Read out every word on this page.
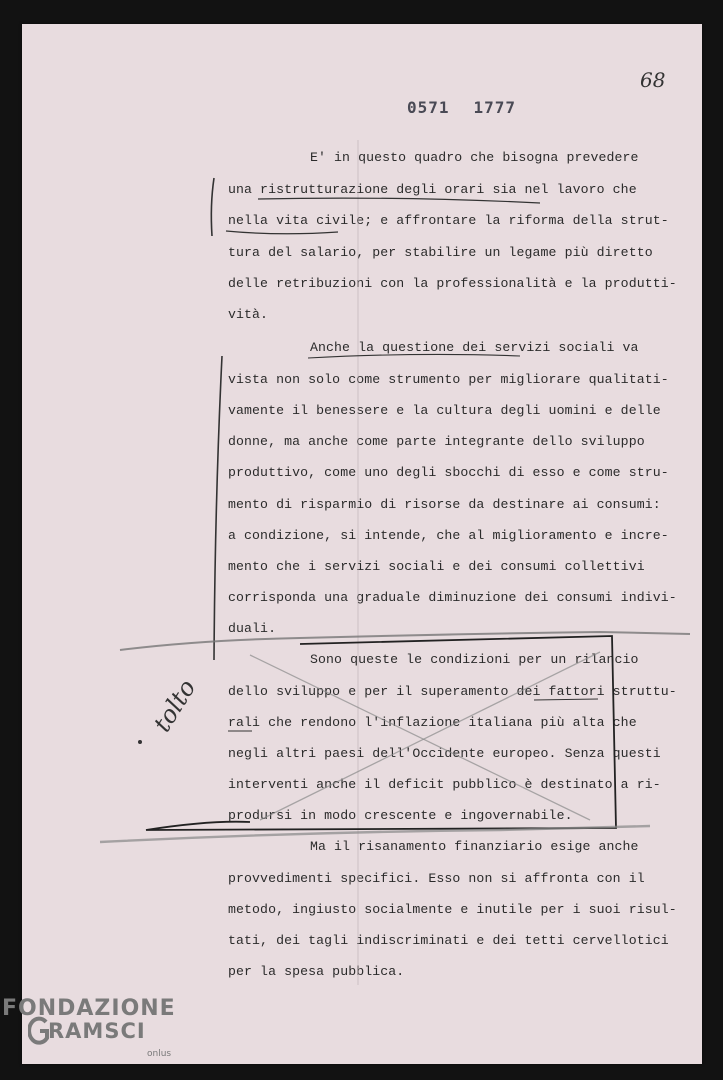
0571 1777
68
E' in questo quadro che bisogna prevedere
una ristrutturazione degli orari sia nel lavoro che
nella vita civile; e affrontare la riforma della strut-
tura del salario, per stabilire un legame più diretto
delle retribuzioni con la professionalità e la produtti-
vità.
Anche la questione dei servizi sociali va
vista non solo come strumento per migliorare qualitati-
vamente il benessere e la cultura degli uomini e delle
donne, ma anche come parte integrante dello sviluppo
produttivo, come uno degli sbocchi di esso e come stru-
mento di risparmio di risorse da destinare ai consumi:
a condizione, si intende, che al miglioramento e incre-
mento che i servizi sociali e dei consumi collettivi
corrisponda una graduale diminuzione dei consumi indivi-
duali.
Sono queste le condizioni per un rilancio
dello sviluppo e per il superamento dei fattori struttu-
rali che rendono l'inflazione italiana più alta che
negli altri paesi dell'Occidente europeo. Senza questi
interventi anche il deficit pubblico è destinato a ri-
prodursi in modo crescente e ingovernabile.
Ma il risanamento finanziario esige anche
provvedimenti specifici. Esso non si affronta con il
metodo, ingiusto socialmente e inutile per i suoi risul-
tati, dei tagli indiscriminati e dei tetti cervellotici
per la spesa pubblica.
tolto
FONDAZIONE
RAMSCI
onlus
